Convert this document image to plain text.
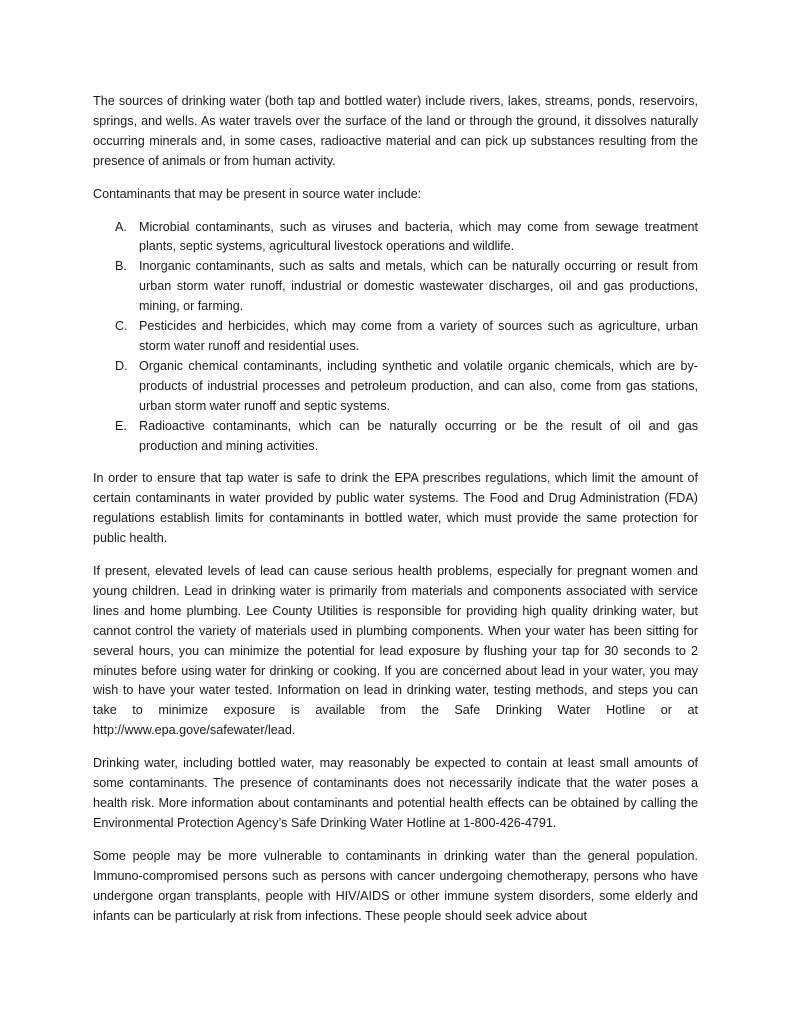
The sources of drinking water (both tap and bottled water) include rivers, lakes, streams, ponds, reservoirs, springs, and wells. As water travels over the surface of the land or through the ground, it dissolves naturally occurring minerals and, in some cases, radioactive material and can pick up substances resulting from the presence of animals or from human activity.

Contaminants that may be present in source water include:

A. Microbial contaminants, such as viruses and bacteria, which may come from sewage treatment plants, septic systems, agricultural livestock operations and wildlife.
B. Inorganic contaminants, such as salts and metals, which can be naturally occurring or result from urban storm water runoff, industrial or domestic wastewater discharges, oil and gas productions, mining, or farming.
C. Pesticides and herbicides, which may come from a variety of sources such as agriculture, urban storm water runoff and residential uses.
D. Organic chemical contaminants, including synthetic and volatile organic chemicals, which are by-products of industrial processes and petroleum production, and can also, come from gas stations, urban storm water runoff and septic systems.
E. Radioactive contaminants, which can be naturally occurring or be the result of oil and gas production and mining activities.

In order to ensure that tap water is safe to drink the EPA prescribes regulations, which limit the amount of certain contaminants in water provided by public water systems. The Food and Drug Administration (FDA) regulations establish limits for contaminants in bottled water, which must provide the same protection for public health.

If present, elevated levels of lead can cause serious health problems, especially for pregnant women and young children. Lead in drinking water is primarily from materials and components associated with service lines and home plumbing. Lee County Utilities is responsible for providing high quality drinking water, but cannot control the variety of materials used in plumbing components. When your water has been sitting for several hours, you can minimize the potential for lead exposure by flushing your tap for 30 seconds to 2 minutes before using water for drinking or cooking. If you are concerned about lead in your water, you may wish to have your water tested. Information on lead in drinking water, testing methods, and steps you can take to minimize exposure is available from the Safe Drinking Water Hotline or at http://www.epa.gove/safewater/lead.

Drinking water, including bottled water, may reasonably be expected to contain at least small amounts of some contaminants. The presence of contaminants does not necessarily indicate that the water poses a health risk. More information about contaminants and potential health effects can be obtained by calling the Environmental Protection Agency’s Safe Drinking Water Hotline at 1-800-426-4791.

Some people may be more vulnerable to contaminants in drinking water than the general population. Immuno-compromised persons such as persons with cancer undergoing chemotherapy, persons who have undergone organ transplants, people with HIV/AIDS or other immune system disorders, some elderly and infants can be particularly at risk from infections. These people should seek advice about
